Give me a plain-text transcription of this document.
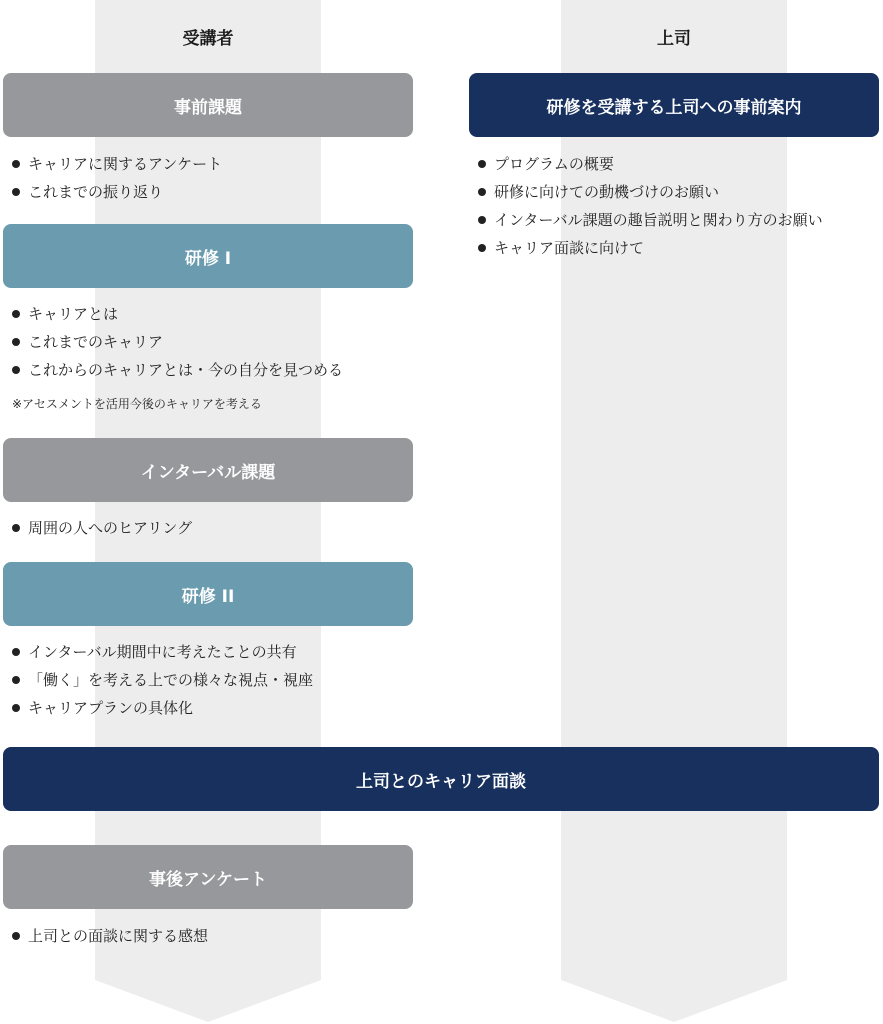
受講者	上司
事前課題
キャリアに関するアンケート
これまでの振り返り
研修を受講する上司への事前案内
プログラムの概要
研修に向けての動機づけのお願い
インターバル課題の趣旨説明と関わり方のお願い
キャリア面談に向けて
研修 I
キャリアとは
これまでのキャリア
これからのキャリアとは・今の自分を見つめる
※アセスメントを活用今後のキャリアを考える
インターバル課題
周囲の人へのヒアリング
研修 II
インターバル期間中に考えたことの共有
「働く」を考える上での様々な視点・視座
キャリアプランの具体化
上司とのキャリア面談
事後アンケート
上司との面談に関する感想
